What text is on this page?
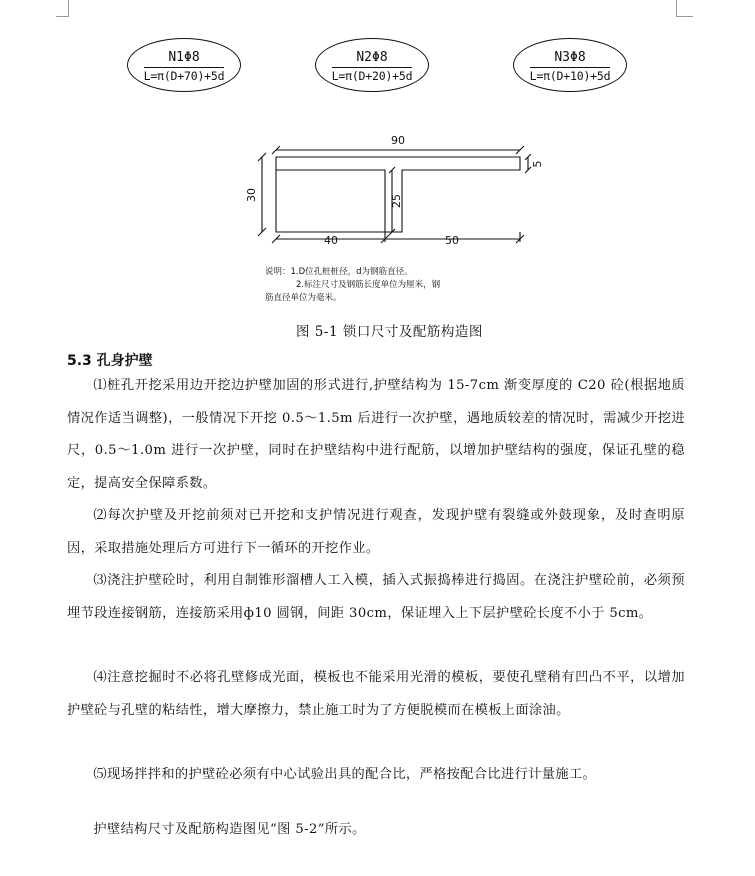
N1Φ8
L=π(D+70)+5d
N2Φ8
L=π(D+20)+5d
N3Φ8
L=π(D+10)+5d
90
30	25
5
40	50
说明：1.D位孔桩桩径，d为钢筋直径。
2.标注尺寸及钢筋长度单位为厘米，钢
筋直径单位为毫米。
图 5-1 锁口尺寸及配筋构造图
5.3 孔身护壁

⑴桩孔开挖采用边开挖边护壁加固的形式进行,护壁结构为 15-7cm 渐变厚度的 C20 砼(根据地质情况作适当调整)，一般情况下开挖 0.5～1.5m 后进行一次护壁，遇地质较差的情况时，需减少开挖进尺，0.5～1.0m 进行一次护壁，同时在护壁结构中进行配筋，以增加护壁结构的强度，保证孔壁的稳定，提高安全保障系数。

⑵每次护壁及开挖前须对已开挖和支护情况进行观查，发现护壁有裂缝或外鼓现象，及时查明原因，采取措施处理后方可进行下一循环的开挖作业。

⑶浇注护壁砼时，利用自制锥形溜槽人工入模，插入式振捣棒进行捣固。在浇注护壁砼前，必须预埋节段连接钢筋，连接筋采用ф10 圆钢，间距 30cm，保证埋入上下层护壁砼长度不小于 5cm。

⑷注意挖掘时不必将孔壁修成光面，模板也不能采用光滑的模板，要使孔壁稍有凹凸不平，以增加护壁砼与孔壁的粘结性，增大摩擦力，禁止施工时为了方便脱模而在模板上面涂油。

⑸现场拌拌和的护壁砼必须有中心试验出具的配合比，严格按配合比进行计量施工。

护壁结构尺寸及配筋构造图见“图 5-2”所示。
